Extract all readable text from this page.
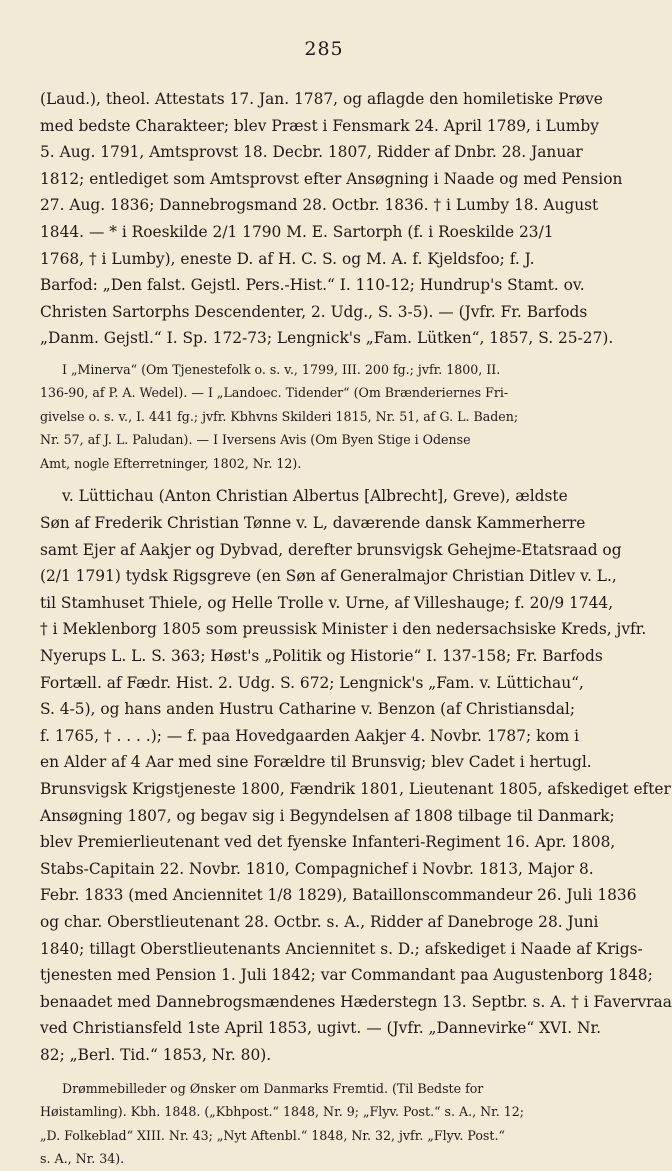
285
(Laud.), theol. Attestats 17. Jan. 1787, og aflagde den homiletiske Prøve
med bedste Charakteer; blev Præst i Fensmark 24. April 1789, i Lumby
5. Aug. 1791, Amtsprovst 18. Decbr. 1807, Ridder af Dnbr. 28. Januar
1812; entlediget som Amtsprovst efter Ansøgning i Naade og med Pension
27. Aug. 1836; Dannebrogsmand 28. Octbr. 1836. † i Lumby 18. August
1844. — * i Roeskilde 2/1 1790 M. E. Sartorph (f. i Roeskilde 23/1
1768, † i Lumby), eneste D. af H. C. S. og M. A. f. Kjeldsfoo; f. J.
Barfod: „Den falst. Gejstl. Pers.-Hist.“ I. 110-12; Hundrup's Stamt. ov.
Christen Sartorphs Descendenter, 2. Udg., S. 3-5). — (Jvfr. Fr. Barfods
„Danm. Gejstl.“ I. Sp. 172-73; Lengnick's „Fam. Lütken“, 1857, S. 25-27).
I „Minerva“ (Om Tjenestefolk o. s. v., 1799, III. 200 fg.; jvfr. 1800, II.
136-90, af P. A. Wedel). — I „Landoec. Tidender“ (Om Brænderiernes Fri-
givelse o. s. v., I. 441 fg.; jvfr. Kbhvns Skilderi 1815, Nr. 51, af G. L. Baden;
Nr. 57, af J. L. Paludan). — I Iversens Avis (Om Byen Stige i Odense
Amt, nogle Efterretninger, 1802, Nr. 12).
v. Lüttichau (Anton Christian Albertus [Albrecht], Greve), ældste
Søn af Frederik Christian Tønne v. L, daværende dansk Kammerherre
samt Ejer af Aakjer og Dybvad, derefter brunsvigsk Gehejme-Etatsraad og
(2/1 1791) tydsk Rigsgreve (en Søn af Generalmajor Christian Ditlev v. L.,
til Stamhuset Thiele, og Helle Trolle v. Urne, af Villeshauge; f. 20/9 1744,
† i Meklenborg 1805 som preussisk Minister i den nedersachsiske Kreds, jvfr.
Nyerups L. L. S. 363; Høst's „Politik og Historie“ I. 137-158; Fr. Barfods
Fortæll. af Fædr. Hist. 2. Udg. S. 672; Lengnick's „Fam. v. Lüttichau“,
S. 4-5), og hans anden Hustru Catharine v. Benzon (af Christiansdal;
f. 1765, † . . . .); — f. paa Hovedgaarden Aakjer 4. Novbr. 1787; kom i
en Alder af 4 Aar med sine Forældre til Brunsvig; blev Cadet i hertugl.
Brunsvigsk Krigstjeneste 1800, Fændrik 1801, Lieutenant 1805, afskediget efter
Ansøgning 1807, og begav sig i Begyndelsen af 1808 tilbage til Danmark;
blev Premierlieutenant ved det fyenske Infanteri-Regiment 16. Apr. 1808,
Stabs-Capitain 22. Novbr. 1810, Compagnichef i Novbr. 1813, Major 8.
Febr. 1833 (med Anciennitet 1/8 1829), Bataillonscommandeur 26. Juli 1836
og char. Oberstlieutenant 28. Octbr. s. A., Ridder af Danebroge 28. Juni
1840; tillagt Oberstlieutenants Anciennitet s. D.; afskediget i Naade af Krigs-
tjenesten med Pension 1. Juli 1842; var Commandant paa Augustenborg 1848;
benaadet med Dannebrogsmændenes Hæderstegn 13. Septbr. s. A. † i Favervraa
ved Christiansfeld 1ste April 1853, ugivt. — (Jvfr. „Dannevirke“ XVI. Nr.
82; „Berl. Tid.“ 1853, Nr. 80).
Drømmebilleder og Ønsker om Danmarks Fremtid. (Til Bedste for
Høistamling). Kbh. 1848. („Kbhpost.“ 1848, Nr. 9; „Flyv. Post.“ s. A., Nr. 12;
„D. Folkeblad“ XIII. Nr. 43; „Nyt Aftenbl.“ 1848, Nr. 32, jvfr. „Flyv. Post.“
s. A., Nr. 34).
